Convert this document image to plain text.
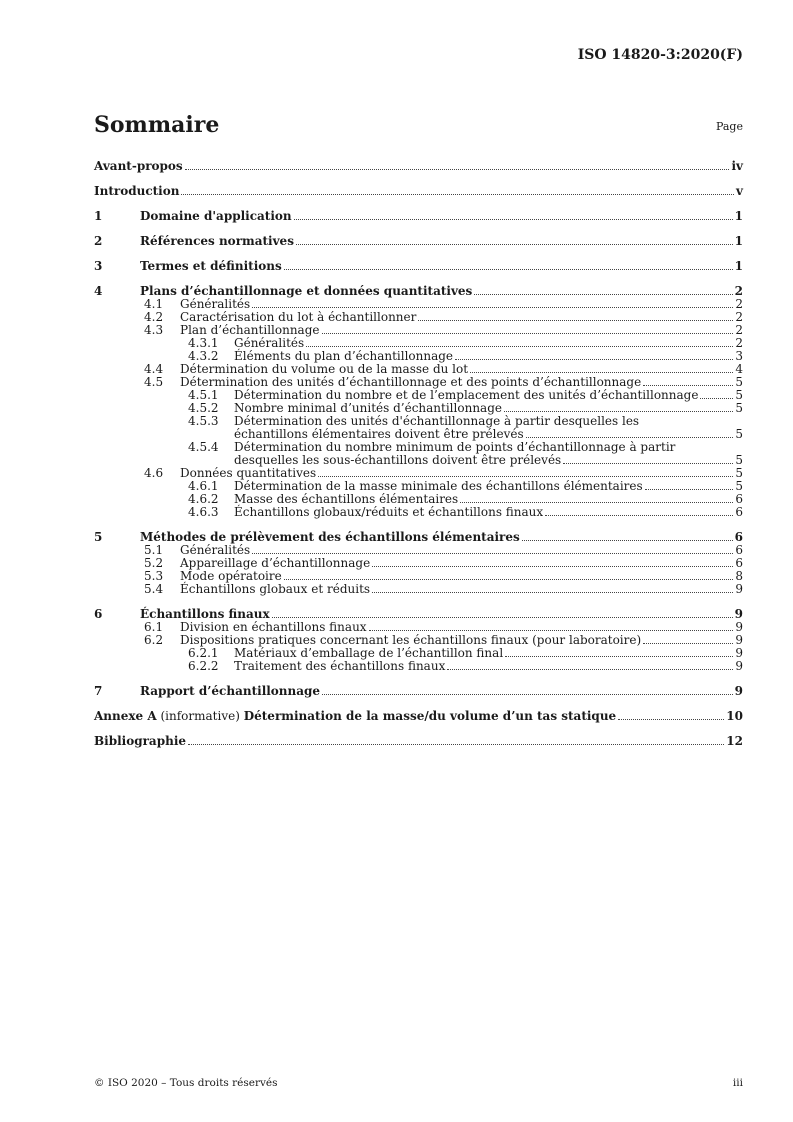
ISO 14820-3:2020(F)
Sommaire	Page
Avant-propos	iv
Introduction	v
1	Domaine d'application	1
2	Références normatives	1
3	Termes et définitions	1
4	Plans d’échantillonnage et données quantitatives	2
4.1 Généralités	2
4.2 Caractérisation du lot à échantillonner	2
4.3 Plan d’échantillonnage	2
4.3.1 Généralités	2
4.3.2 Éléments du plan d’échantillonnage	3
4.4 Détermination du volume ou de la masse du lot	4
4.5 Détermination des unités d’échantillonnage et des points d’échantillonnage	5
4.5.1 Détermination du nombre et de l’emplacement des unités d’échantillonnage	5
4.5.2 Nombre minimal d’unités d’échantillonnage	5
4.5.3 Détermination des unités d'échantillonnage à partir desquelles les
échantillons élémentaires doivent être prélevés	5
4.5.4 Détermination du nombre minimum de points d’échantillonnage à partir
desquelles les sous-échantillons doivent être prélevés	5
4.6 Données quantitatives	5
4.6.1 Détermination de la masse minimale des échantillons élémentaires	5
4.6.2 Masse des échantillons élémentaires	6
4.6.3 Échantillons globaux/réduits et échantillons finaux	6
5	Méthodes de prélèvement des échantillons élémentaires	6
5.1 Généralités	6
5.2 Appareillage d’échantillonnage	6
5.3 Mode opératoire	8
5.4 Échantillons globaux et réduits	9
6	Échantillons finaux	9
6.1 Division en échantillons finaux	9
6.2 Dispositions pratiques concernant les échantillons finaux (pour laboratoire)	9
6.2.1 Matériaux d’emballage de l’échantillon final	9
6.2.2 Traitement des échantillons finaux	9
7	Rapport d’échantillonnage	9
Annexe A (informative) Détermination de la masse/du volume d’un tas statique	10
Bibliographie	12
© ISO 2020 – Tous droits réservés	iii
